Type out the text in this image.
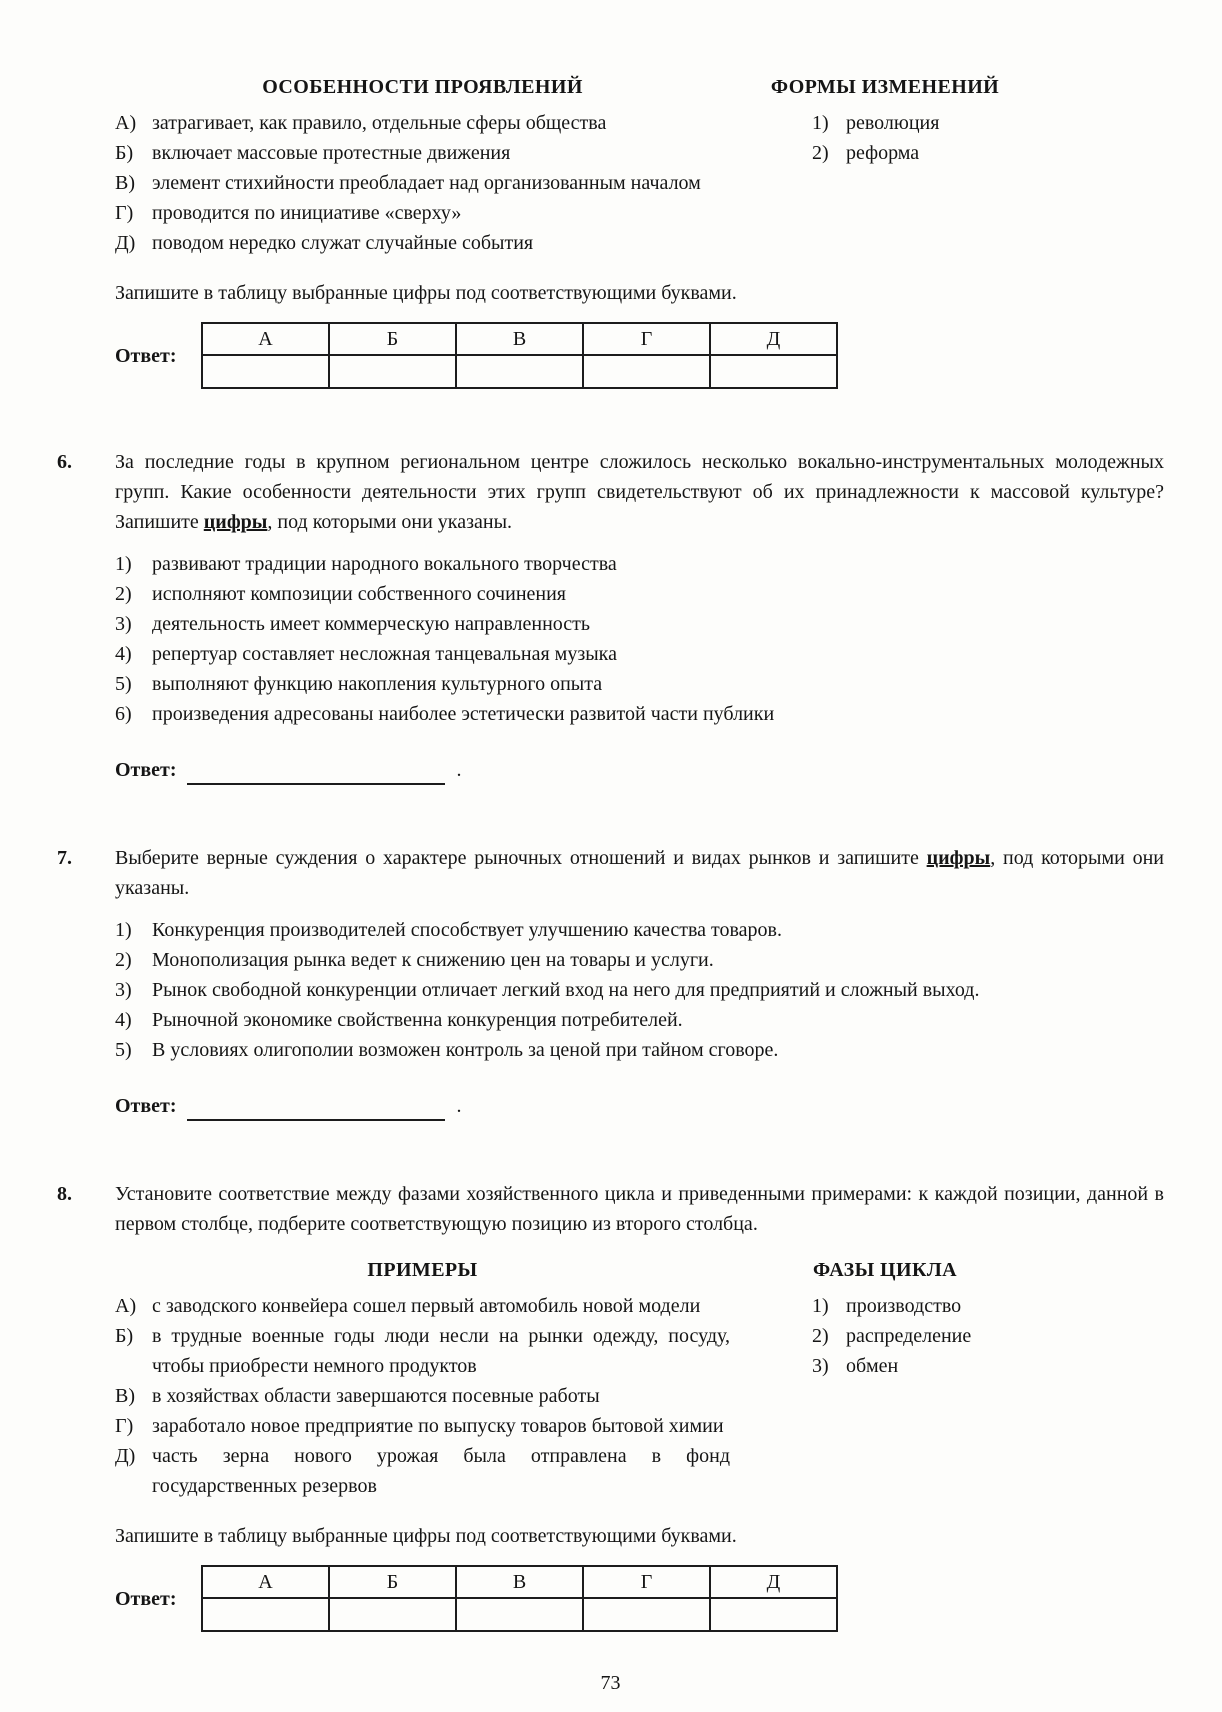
ОСОБЕННОСТИ ПРОЯВЛЕНИЙ
А) затрагивает, как правило, отдельные сферы общества
Б) включает массовые протестные движения
В) элемент стихийности преобладает над организованным началом
Г) проводится по инициативе «сверху»
Д) поводом нередко служат случайные события
ФОРМЫ ИЗМЕНЕНИЙ
1) революция
2) реформа

Запишите в таблицу выбранные цифры под соответствующими буквами.

Ответ:
А	Б	В	Г	Д

6.	За последние годы в крупном региональном центре сложилось несколько вокально-инструментальных молодежных групп. Какие особенности деятельности этих групп свидетельствуют об их принадлежности к массовой культуре? Запишите цифры, под которыми они указаны.

1)	развивают традиции народного вокального творчества
2)	исполняют композиции собственного сочинения
3)	деятельность имеет коммерческую направленность
4)	репертуар составляет несложная танцевальная музыка
5)	выполняют функцию накопления культурного опыта
6)	произведения адресованы наиболее эстетически развитой части публики
Ответ:	.
7.	Выберите верные суждения о характере рыночных отношений и видах рынков и запишите цифры, под которыми они указаны.

1)	Конкуренция производителей способствует улучшению качества товаров.
2)	Монополизация рынка ведет к снижению цен на товары и услуги.
3)	Рынок свободной конкуренции отличает легкий вход на него для предприятий и сложный выход.
4)	Рыночной экономике свойственна конкуренция потребителей.
5)	В условиях олигополии возможен контроль за ценой при тайном сговоре.
Ответ:	.
8.	Установите соответствие между фазами хозяйственного цикла и приведенными примерами: к каждой позиции, данной в первом столбце, подберите соответствующую позицию из второго столбца.

ПРИМЕРЫ
А) с заводского конвейера сошел первый автомобиль новой модели
Б) в трудные военные годы люди несли на рынки одежду, посуду, чтобы приобрести немного продуктов
В) в хозяйствах области завершаются посевные работы
Г) заработало новое предприятие по выпуску товаров бытовой химии
Д) часть зерна нового урожая была отправлена в фонд государственных резервов
ФАЗЫ ЦИКЛА
1) производство
2) распределение
3) обмен

Запишите в таблицу выбранные цифры под соответствующими буквами.

Ответ:
А	Б	В	Г	Д

73
